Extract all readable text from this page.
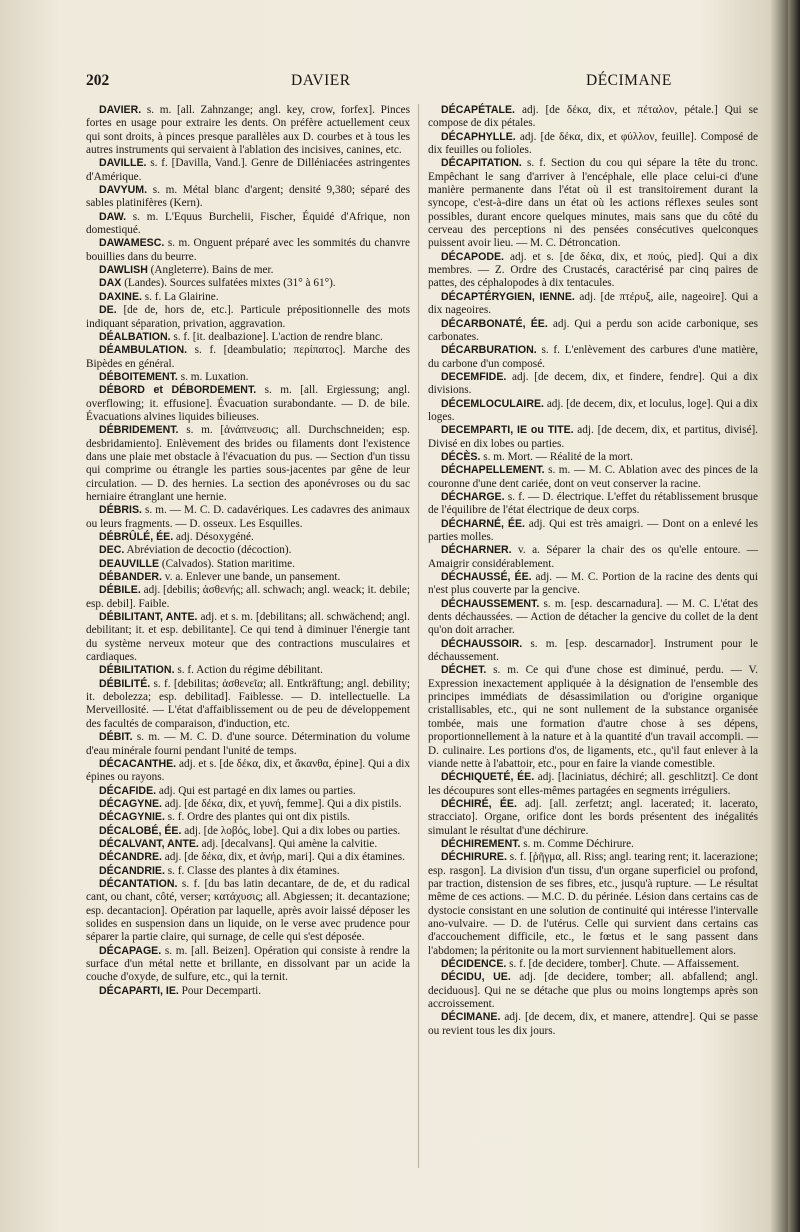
202	DAVIER	DÉCIMANE

DAVIER. s. m. [all. Zahnzange; angl. key, crow, forfex]. Pinces fortes en usage pour extraire les dents. On préfère actuellement ceux qui sont droits, à pinces presque parallèles aux D. courbes et à tous les autres instruments qui servaient à l'ablation des incisives, canines, etc.

DAVILLE. s. f. [Davilla, Vand.]. Genre de Dilléniacées astringentes d'Amérique.

DAVYUM. s. m. Métal blanc d'argent; densité 9,380; séparé des sables platinifères (Kern).

DAW. s. m. L'Equus Burchelii, Fischer, Équidé d'Afrique, non domestiqué.

DAWAMESC. s. m. Onguent préparé avec les sommités du chanvre bouillies dans du beurre.

DAWLISH (Angleterre). Bains de mer.

DAX (Landes). Sources sulfatées mixtes (31° à 61°).

DAXINE. s. f. La Glairine.

DE. [de de, hors de, etc.]. Particule prépositionnelle des mots indiquant séparation, privation, aggravation.

DÉALBATION. s. f. [it. dealbazione]. L'action de rendre blanc.

DÉAMBULATION. s. f. [deambulatio; περίπατος]. Marche des Bipèdes en général.

DÉBOITEMENT. s. m. Luxation.

DÉBORD et DÉBORDEMENT. s. m. [all. Ergiessung; angl. overflowing; it. effusione]. Évacuation surabondante. — D. de bile. Évacuations alvines liquides bilieuses.

DÉBRIDEMENT. s. m. [ἀνάπνευσις; all. Durchschneiden; esp. desbridamiento]. Enlèvement des brides ou filaments dont l'existence dans une plaie met obstacle à l'évacuation du pus. — Section d'un tissu qui comprime ou étrangle les parties sous-jacentes par gêne de leur circulation. — D. des hernies. La section des aponévroses ou du sac herniaire étranglant une hernie.

DÉBRIS. s. m. — M. C. D. cadavériques. Les cadavres des animaux ou leurs fragments. — D. osseux. Les Esquilles.

DÉBRÛLÉ, ÉE. adj. Désoxygéné.

DEC. Abréviation de decoctio (décoction).

DEAUVILLE (Calvados). Station maritime.

DÉBANDER. v. a. Enlever une bande, un pansement.

DÉBILE. adj. [debilis; ἀσθενής; all. schwach; angl. weack; it. debile; esp. debil]. Faible.

DÉBILITANT, ANTE. adj. et s. m. [debilitans; all. schwächend; angl. debilitant; it. et esp. debilitante]. Ce qui tend à diminuer l'énergie tant du système nerveux moteur que des contractions musculaires et cardiaques.

DÉBILITATION. s. f. Action du régime débilitant.

DÉBILITÉ. s. f. [debilitas; ἀσθενεῖα; all. Entkräftung; angl. debility; it. debolezza; esp. debilitad]. Faiblesse. — D. intellectuelle. La Merveillosité. — L'état d'affaiblissement ou de peu de développement des facultés de comparaison, d'induction, etc.

DÉBIT. s. m. — M. C. D. d'une source. Détermination du volume d'eau minérale fourni pendant l'unité de temps.

DÉCACANTHE. adj. et s. [de δέκα, dix, et ἄκανθα, épine]. Qui a dix épines ou rayons.

DÉCAFIDE. adj. Qui est partagé en dix lames ou parties.

DÉCAGYNE. adj. [de δέκα, dix, et γυνή, femme]. Qui a dix pistils.

DÉCAGYNIE. s. f. Ordre des plantes qui ont dix pistils.

DÉCALOBÉ, ÉE. adj. [de λοβός, lobe]. Qui a dix lobes ou parties.

DÉCALVANT, ANTE. adj. [decalvans]. Qui amène la calvitie.

DÉCANDRE. adj. [de δέκα, dix, et ἀνήρ, mari]. Qui a dix étamines.

DÉCANDRIE. s. f. Classe des plantes à dix étamines.

DÉCANTATION. s. f. [du bas latin decantare, de de, et du radical cant, ou chant, côté, verser; κατάχυσις; all. Abgiessen; it. decantazione; esp. decantacion]. Opération par laquelle, après avoir laissé déposer les solides en suspension dans un liquide, on le verse avec prudence pour séparer la partie claire, qui surnage, de celle qui s'est déposée.

DÉCAPAGE. s. m. [all. Beizen]. Opération qui consiste à rendre la surface d'un métal nette et brillante, en dissolvant par un acide la couche d'oxyde, de sulfure, etc., qui la ternit.

DÉCAPARTI, IE. Pour Decemparti.

DÉCAPÉTALE. adj. [de δέκα, dix, et πέταλον, pétale.] Qui se compose de dix pétales.

DÉCAPHYLLE. adj. [de δέκα, dix, et φύλλον, feuille]. Composé de dix feuilles ou folioles.

DÉCAPITATION. s. f. Section du cou qui sépare la tête du tronc. Empêchant le sang d'arriver à l'encéphale, elle place celui-ci d'une manière permanente dans l'état où il est transitoirement durant la syncope, c'est-à-dire dans un état où les actions réflexes seules sont possibles, durant encore quelques minutes, mais sans que du côté du cerveau des perceptions ni des pensées consécutives quelconques puissent avoir lieu. — M. C. Détroncation.

DÉCAPODE. adj. et s. [de δέκα, dix, et πούς, pied]. Qui a dix membres. — Z. Ordre des Crustacés, caractérisé par cinq paires de pattes, des céphalopodes à dix tentacules.

DÉCAPTÉRYGIEN, IENNE. adj. [de πτέρυξ, aile, nageoire]. Qui a dix nageoires.

DÉCARBONATÉ, ÉE. adj. Qui a perdu son acide carbonique, ses carbonates.

DÉCARBURATION. s. f. L'enlèvement des carbures d'une matière, du carbone d'un composé.

DECEMFIDE. adj. [de decem, dix, et findere, fendre]. Qui a dix divisions.

DÉCEMLOCULAIRE. adj. [de decem, dix, et loculus, loge]. Qui a dix loges.

DECEMPARTI, IE ou TITE. adj. [de decem, dix, et partitus, divisé]. Divisé en dix lobes ou parties.

DÉCÈS. s. m. Mort. — Réalité de la mort.

DÉCHAPELLEMENT. s. m. — M. C. Ablation avec des pinces de la couronne d'une dent cariée, dont on veut conserver la racine.

DÉCHARGE. s. f. — D. électrique. L'effet du rétablissement brusque de l'équilibre de l'état électrique de deux corps.

DÉCHARNÉ, ÉE. adj. Qui est très amaigri. — Dont on a enlevé les parties molles.

DÉCHARNER. v. a. Séparer la chair des os qu'elle entoure. — Amaigrir considérablement.

DÉCHAUSSÉ, ÉE. adj. — M. C. Portion de la racine des dents qui n'est plus couverte par la gencive.

DÉCHAUSSEMENT. s. m. [esp. descarnadura]. — M. C. L'état des dents déchaussées. — Action de détacher la gencive du collet de la dent qu'on doit arracher.

DÉCHAUSSOIR. s. m. [esp. descarnador]. Instrument pour le déchaussement.

DÉCHET. s. m. Ce qui d'une chose est diminué, perdu. — V. Expression inexactement appliquée à la désignation de l'ensemble des principes immédiats de désassimilation ou d'origine organique cristallisables, etc., qui ne sont nullement de la substance organisée tombée, mais une formation d'autre chose à ses dépens, proportionnellement à la nature et à la quantité d'un travail accompli. — D. culinaire. Les portions d'os, de ligaments, etc., qu'il faut enlever à la viande nette à l'abattoir, etc., pour en faire la viande comestible.

DÉCHIQUETÉ, ÉE. adj. [laciniatus, déchiré; all. geschlitzt]. Ce dont les découpures sont elles-mêmes partagées en segments irréguliers.

DÉCHIRÉ, ÉE. adj. [all. zerfetzt; angl. lacerated; it. lacerato, stracciato]. Organe, orifice dont les bords présentent des inégalités simulant le résultat d'une déchirure.

DÉCHIREMENT. s. m. Comme Déchirure.

DÉCHIRURE. s. f. [ῥῆγμα, all. Riss; angl. tearing rent; it. lacerazione; esp. rasgon]. La division d'un tissu, d'un organe superficiel ou profond, par traction, distension de ses fibres, etc., jusqu'à rupture. — Le résultat même de ces actions. — M.C. D. du périnée. Lésion dans certains cas de dystocie consistant en une solution de continuité qui intéresse l'intervalle ano-vulvaire. — D. de l'utérus. Celle qui survient dans certains cas d'accouchement difficile, etc., le fœtus et le sang passent dans l'abdomen; la péritonite ou la mort surviennent habituellement alors.

DÉCIDENCE. s. f. [de decidere, tomber]. Chute. — Affaissement.

DÉCIDU, UE. adj. [de decidere, tomber; all. abfallend; angl. deciduous]. Qui ne se détache que plus ou moins longtemps après son accroissement.

DÉCIMANE. adj. [de decem, dix, et manere, attendre]. Qui se passe ou revient tous les dix jours.
